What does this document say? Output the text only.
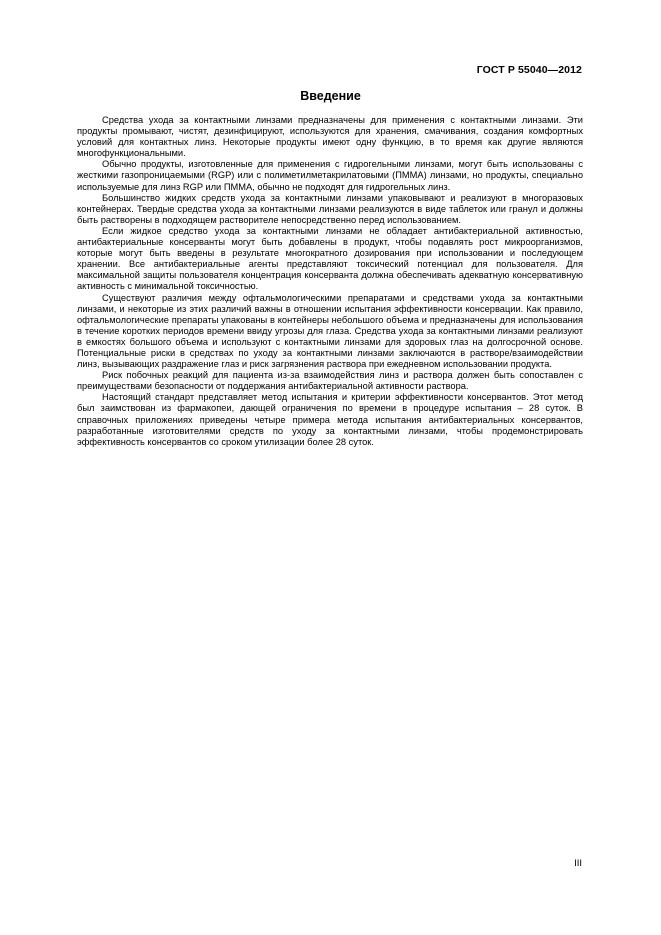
ГОСТ Р 55040—2012
Введение

Средства ухода за контактными линзами предназначены для применения с контактными линзами. Эти продукты промывают, чистят, дезинфицируют, используются для хранения, смачивания, создания комфортных условий для контактных линз. Некоторые продукты имеют одну функцию, в то время как другие являются многофункциональными.

Обычно продукты, изготовленные для применения с гидрогельными линзами, могут быть использованы с жесткими газопроницаемыми (RGP) или с полиметилметакрилатовыми (ПММА) линзами, но продукты, специально используемые для линз RGP или ПММА, обычно не подходят для гидрогельных линз.

Большинство жидких средств ухода за контактными линзами упаковывают и реализуют в многоразовых контейнерах. Твердые средства ухода за контактными линзами реализуются в виде таблеток или гранул и должны быть растворены в подходящем растворителе непосредственно перед использованием.

Если жидкое средство ухода за контактными линзами не обладает антибактериальной активностью, антибактериальные консерванты могут быть добавлены в продукт, чтобы подавлять рост микроорганизмов, которые могут быть введены в результате многократного дозирования при использовании и последующем хранении. Все антибактериальные агенты представляют токсический потенциал для пользователя. Для максимальной защиты пользователя концентрация консерванта должна обеспечивать адекватную консервативную активность с минимальной токсичностью.

Существуют различия между офтальмологическими препаратами и средствами ухода за контактными линзами, и некоторые из этих различий важны в отношении испытания эффективности консервации. Как правило, офтальмологические препараты упакованы в контейнеры небольшого объема и предназначены для использования в течение коротких периодов времени ввиду угрозы для глаза. Средства ухода за контактными линзами реализуют в емкостях большого объема и используют с контактными линзами для здоровых глаз на долгосрочной основе. Потенциальные риски в средствах по уходу за контактными линзами заключаются в растворе/взаимодействии линз, вызывающих раздражение глаз и риск загрязнения раствора при ежедневном использовании продукта.

Риск побочных реакций для пациента из-за взаимодействия линз и раствора должен быть сопоставлен с преимуществами безопасности от поддержания антибактериальной активности раствора.

Настоящий стандарт представляет метод испытания и критерии эффективности консервантов. Этот метод был заимствован из фармакопеи, дающей ограничения по времени в процедуре испытания – 28 суток. В справочных приложениях приведены четыре примера метода испытания антибактериальных консервантов, разработанные изготовителями средств по уходу за контактными линзами, чтобы продемонстрировать эффективность консервантов со сроком утилизации более 28 суток.

III
